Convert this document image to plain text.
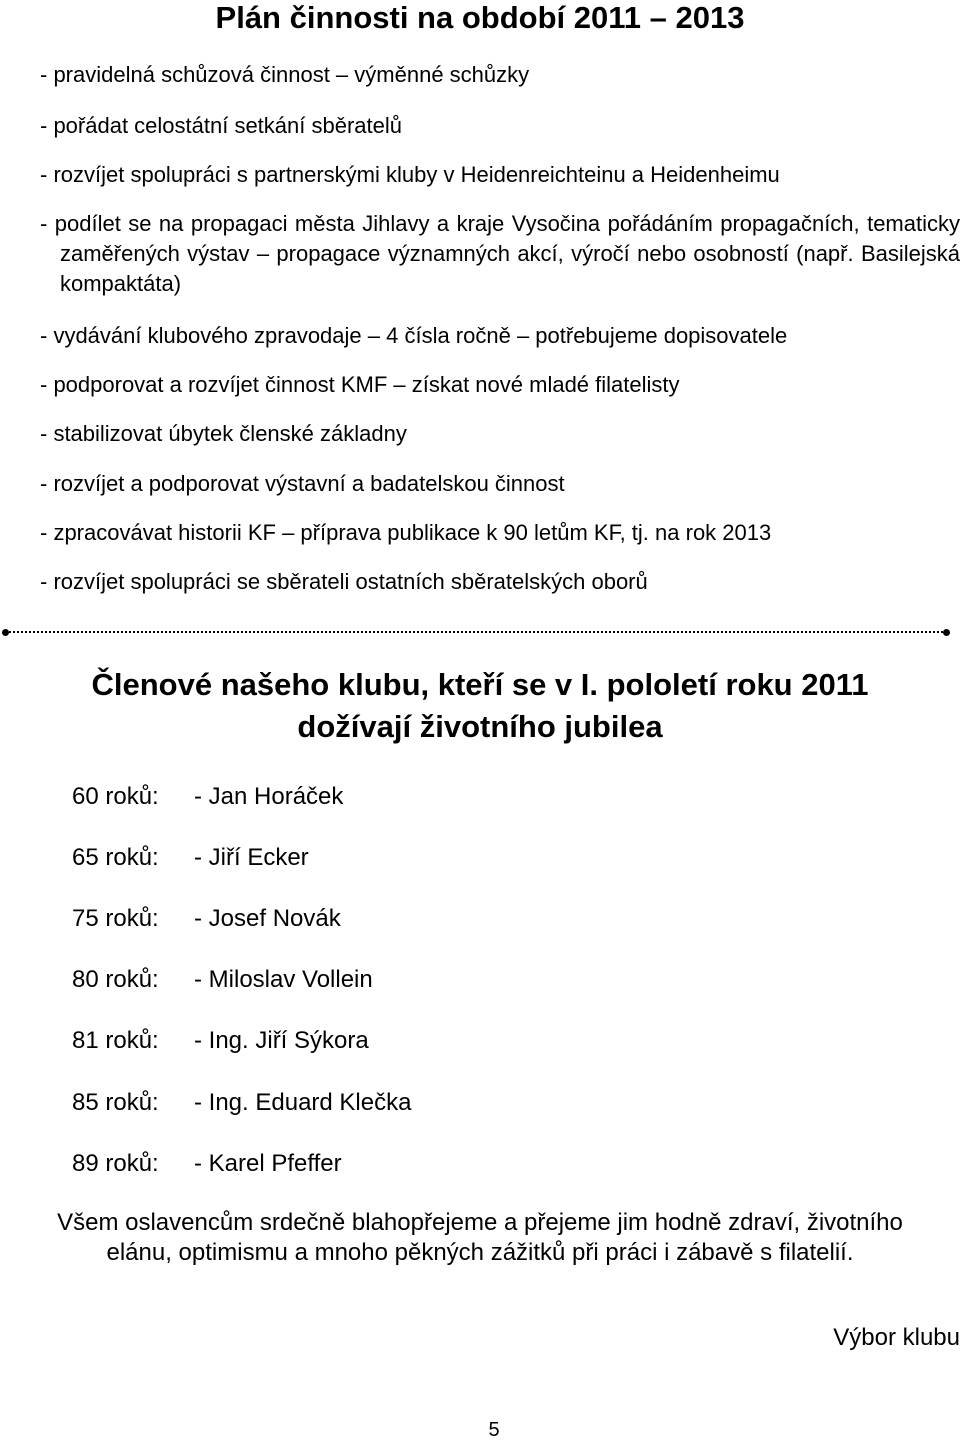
Plán činnosti na období 2011 – 2013
- pravidelná schůzová činnost – výměnné schůzky
- pořádat celostátní setkání sběratelů
- rozvíjet spolupráci s partnerskými kluby v Heidenreichteinu a Heidenheimu
- podílet se na propagaci města Jihlavy a kraje Vysočina pořádáním propagačních, tematicky zaměřených výstav – propagace významných akcí, výročí nebo osobností (např. Basilejská kompaktáta)
- vydávání klubového zpravodaje – 4 čísla ročně – potřebujeme dopisovatele
- podporovat a rozvíjet činnost KMF – získat nové mladé filatelisty
- stabilizovat úbytek členské základny
- rozvíjet a podporovat výstavní a badatelskou činnost
- zpracovávat historii KF – příprava publikace k 90 letům KF, tj. na rok 2013
- rozvíjet spolupráci se sběrateli ostatních sběratelských oborů
Členové našeho klubu, kteří se v I. pololetí roku 2011
dožívají životního jubilea
60 roků: - Jan Horáček
65 roků: - Jiří Ecker
75 roků: - Josef Novák
80 roků: - Miloslav Vollein
81 roků: - Ing. Jiří Sýkora
85 roků: - Ing. Eduard Klečka
89 roků: - Karel Pfeffer
Všem oslavencům srdečně blahopřejeme a přejeme jim hodně zdraví, životního
elánu, optimismu a mnoho pěkných zážitků při práci i zábavě s filatelií.
Výbor klubu
5
